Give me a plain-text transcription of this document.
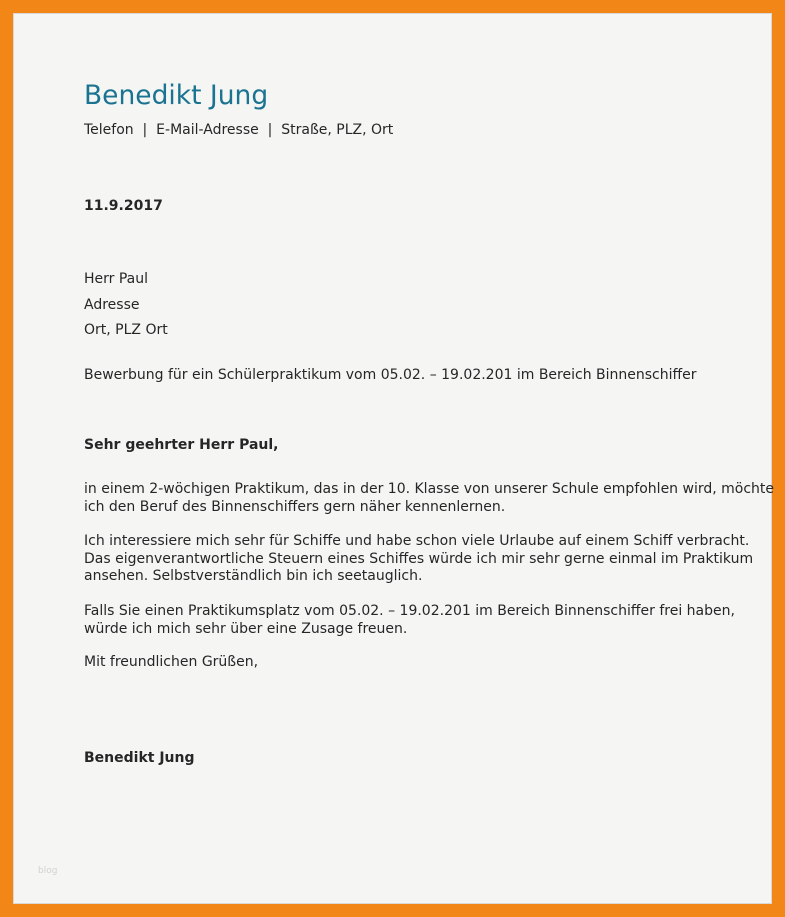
Benedikt Jung
Telefon  |  E-Mail-Adresse  |  Straße, PLZ, Ort
11.9.2017
Herr Paul
Adresse
Ort, PLZ Ort
Bewerbung für ein Schülerpraktikum vom 05.02. – 19.02.201 im Bereich Binnenschiffer
Sehr geehrter Herr Paul,
in einem 2-wöchigen Praktikum, das in der 10. Klasse von unserer Schule empfohlen wird, möchte
ich den Beruf des Binnenschiffers gern näher kennenlernen.
Ich interessiere mich sehr für Schiffe und habe schon viele Urlaube auf einem Schiff verbracht.
Das eigenverantwortliche Steuern eines Schiffes würde ich mir sehr gerne einmal im Praktikum
ansehen. Selbstverständlich bin ich seetauglich.
Falls Sie einen Praktikumsplatz vom 05.02. – 19.02.201 im Bereich Binnenschiffer frei haben,
würde ich mich sehr über eine Zusage freuen.
Mit freundlichen Grüßen,
Benedikt Jung
blog
